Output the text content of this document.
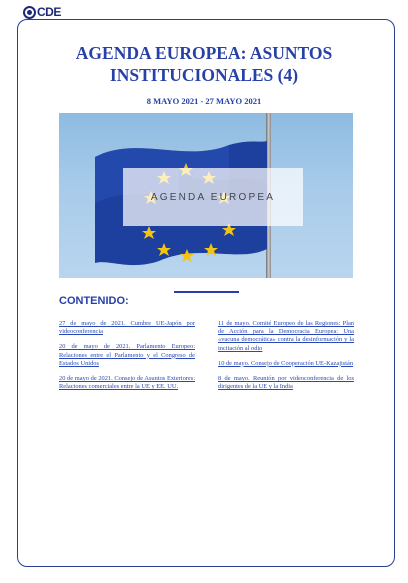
CDE
AGENDA EUROPEA: ASUNTOS INSTITUCIONALES (4)
8 MAYO 2021 - 27 MAYO 2021
AGENDA EUROPEA
CONTENIDO:
27 de mayo de 2021. Cumbre UE-Japón por videoconferencia
20 de mayo de 2021. Parlamento Europeo: Relaciones entre el Parlamento y el Congreso de Estados Unidos
20 de mayo de 2021. Consejo de Asuntos Exteriores: Relaciones comerciales entre la UE y EE. UU.
11 de mayo. Comité Europeo de las Regiones: Plan de Acción para la Democracia Europea: Una «vacuna democrática» contra la desinformación y la incitación al odio
10 de mayo. Consejo de Cooperación UE-Kazajistán
8 de mayo. Reunión por videoconferencia de los dirigentes de la UE y la India
